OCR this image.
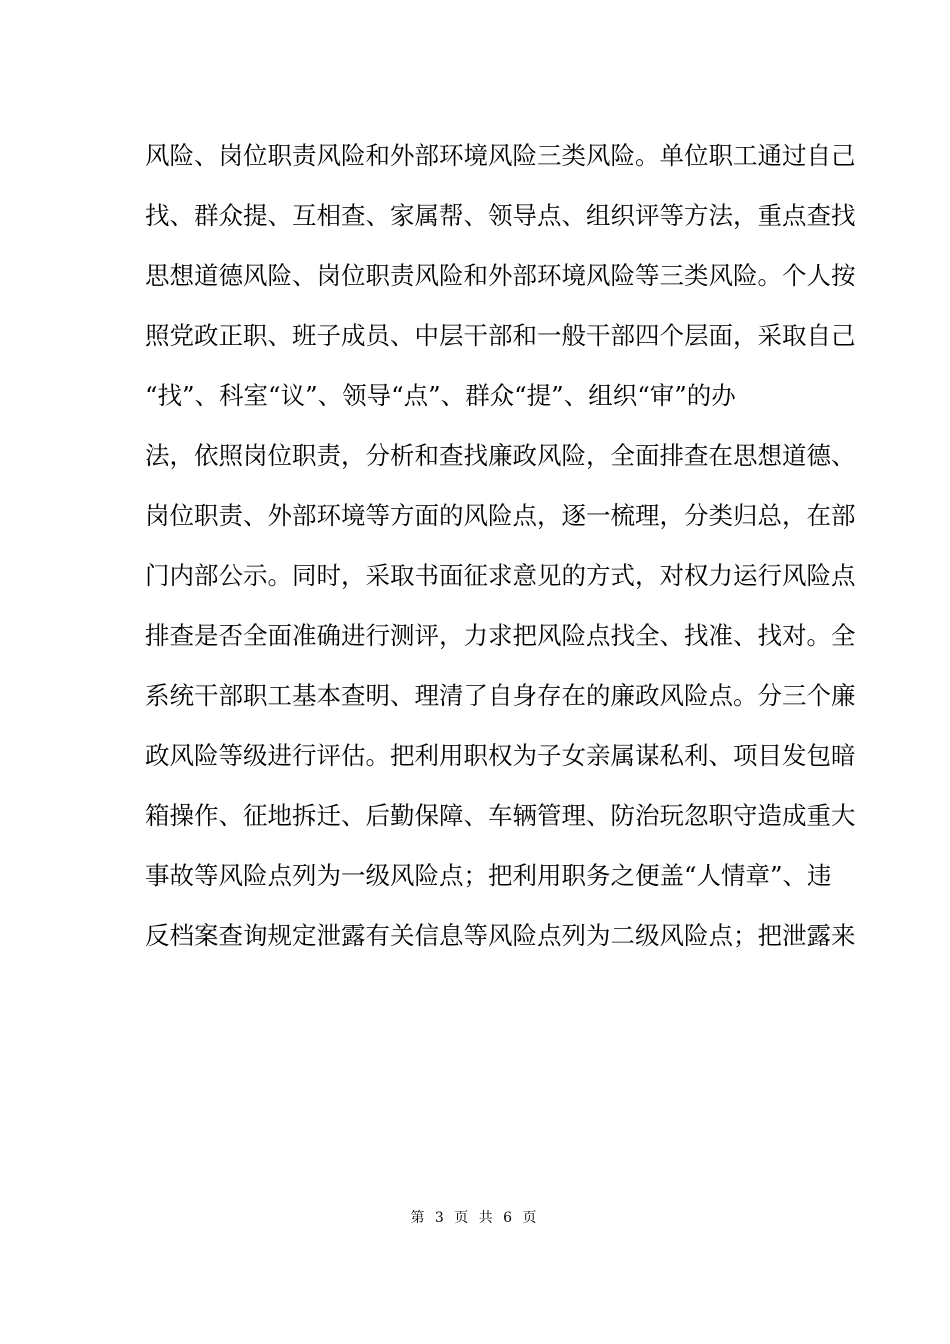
风险、岗位职责风险和外部环境风险三类风险。单位职工通过自己
找、群众提、互相查、家属帮、领导点、组织评等方法，重点查找
思想道德风险、岗位职责风险和外部环境风险等三类风险。个人按
照党政正职、班子成员、中层干部和一般干部四个层面，采取自己
“找”、科室“议”、领导“点”、群众“提”、组织“审”的办
法，依照岗位职责，分析和查找廉政风险，全面排查在思想道德、
岗位职责、外部环境等方面的风险点，逐一梳理，分类归总，在部
门内部公示。同时，采取书面征求意见的方式，对权力运行风险点
排查是否全面准确进行测评，力求把风险点找全、找准、找对。全
系统干部职工基本查明、理清了自身存在的廉政风险点。分三个廉
政风险等级进行评估。把利用职权为子女亲属谋私利、项目发包暗
箱操作、征地拆迁、后勤保障、车辆管理、防治玩忽职守造成重大
事故等风险点列为一级风险点；把利用职务之便盖“人情章”、违
反档案查询规定泄露有关信息等风险点列为二级风险点；把泄露来
第 3 页 共 6 页
